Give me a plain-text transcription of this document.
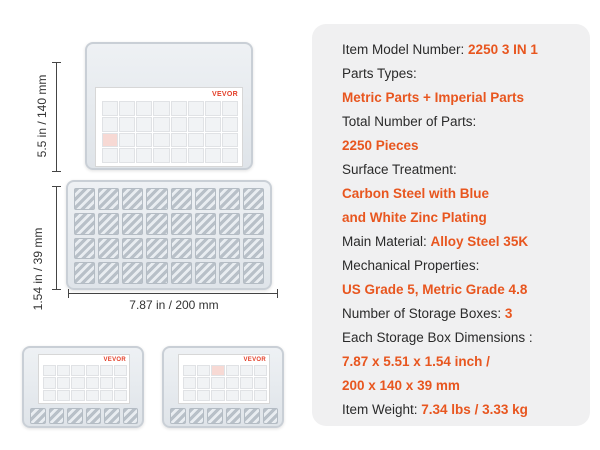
5.5 in / 140 mm
1.54 in / 39 mm	7.87 in / 200 mm
VEVOR
VEVOR	VEVOR
Item Model Number: 2250 3 IN 1
Parts Types:
Metric Parts + Imperial Parts
Total Number of Parts:
2250 Pieces
Surface Treatment:
Carbon Steel with Blue
and White Zinc Plating
Main Material: Alloy Steel 35K
Mechanical Properties:
US Grade 5, Metric Grade 4.8
Number of Storage Boxes: 3
Each Storage Box Dimensions :
7.87 x 5.51 x 1.54 inch /
200 x 140 x 39 mm
Item Weight: 7.34 lbs / 3.33 kg
